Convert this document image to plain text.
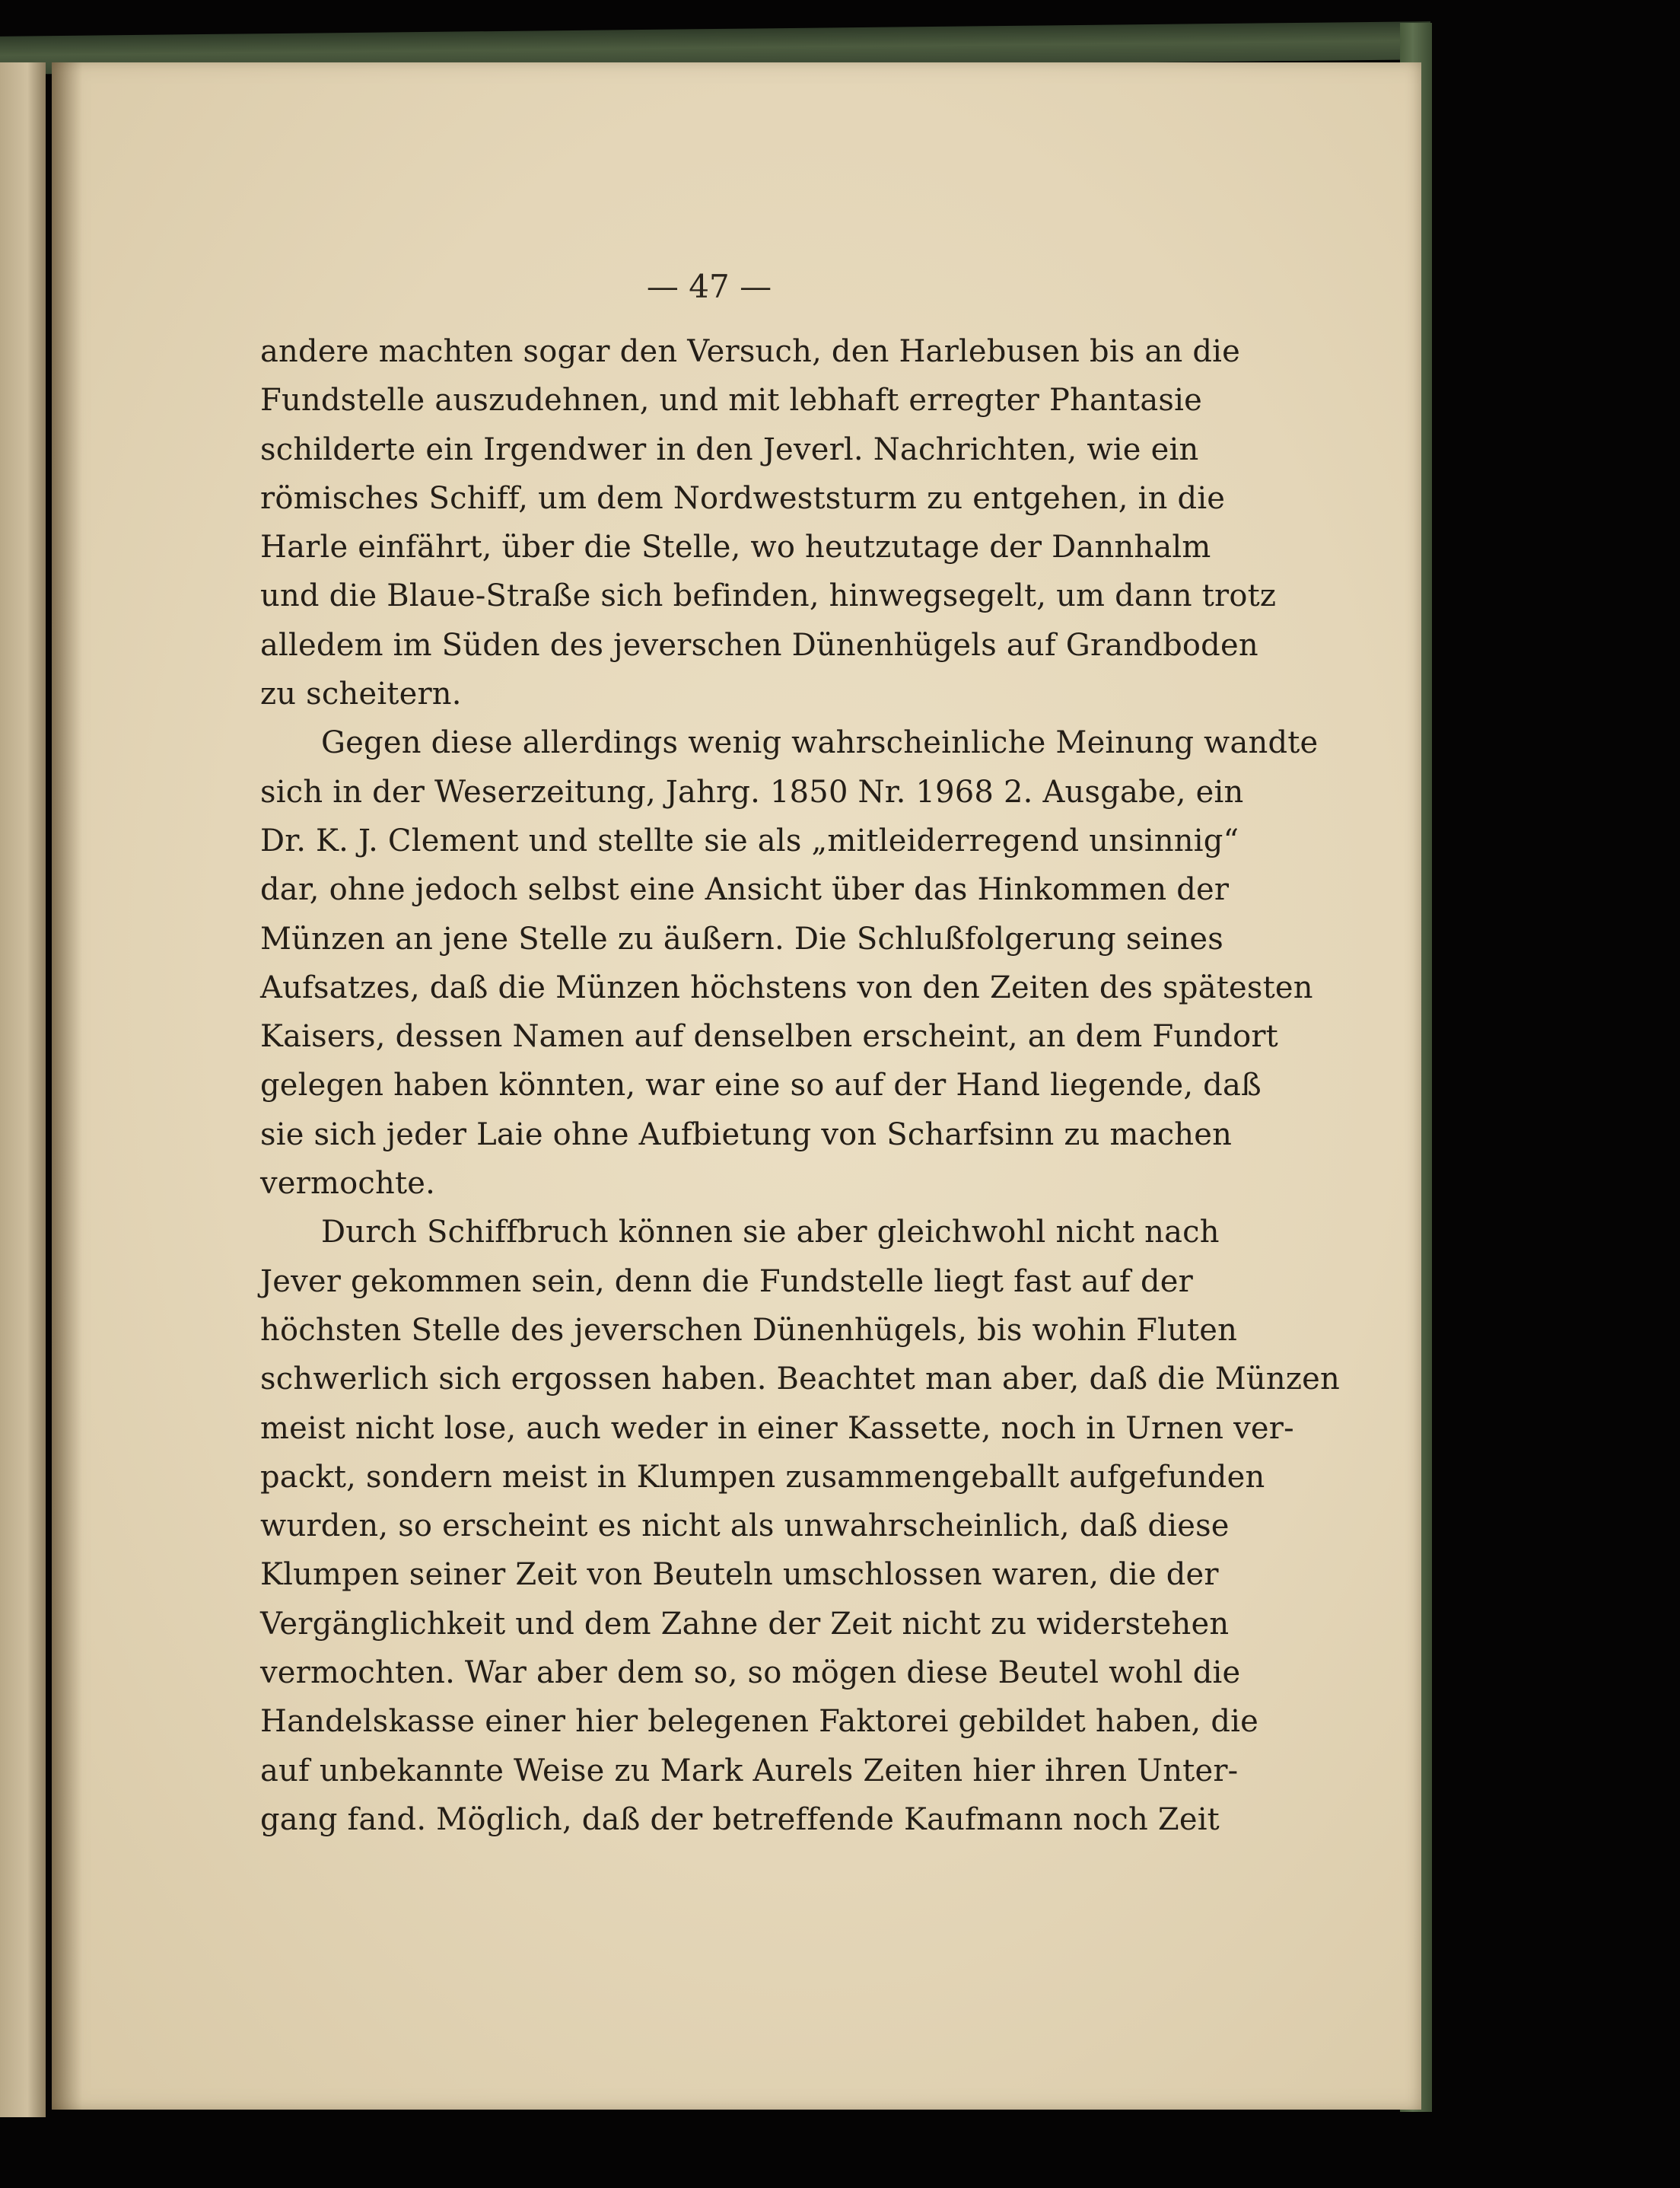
— 47 —
andere machten sogar den Versuch, den Harlebusen bis an die
Fundstelle auszudehnen, und mit lebhaft erregter Phantasie
schilderte ein Irgendwer in den Jeverl. Nachrichten, wie ein
römisches Schiff, um dem Nordweststurm zu entgehen, in die
Harle einfährt, über die Stelle, wo heutzutage der Dannhalm
und die Blaue-Straße sich befinden, hinwegsegelt, um dann trotz
alledem im Süden des jeverschen Dünenhügels auf Grandboden
zu scheitern.
Gegen diese allerdings wenig wahrscheinliche Meinung wandte
sich in der Weserzeitung, Jahrg. 1850 Nr. 1968 2. Ausgabe, ein
Dr. K. J. Clement und stellte sie als „mitleiderregend unsinnig“
dar, ohne jedoch selbst eine Ansicht über das Hinkommen der
Münzen an jene Stelle zu äußern. Die Schlußfolgerung seines
Aufsatzes, daß die Münzen höchstens von den Zeiten des spätesten
Kaisers, dessen Namen auf denselben erscheint, an dem Fundort
gelegen haben könnten, war eine so auf der Hand liegende, daß
sie sich jeder Laie ohne Aufbietung von Scharfsinn zu machen
vermochte.
Durch Schiffbruch können sie aber gleichwohl nicht nach
Jever gekommen sein, denn die Fundstelle liegt fast auf der
höchsten Stelle des jeverschen Dünenhügels, bis wohin Fluten
schwerlich sich ergossen haben. Beachtet man aber, daß die Münzen
meist nicht lose, auch weder in einer Kassette, noch in Urnen ver-
packt, sondern meist in Klumpen zusammengeballt aufgefunden
wurden, so erscheint es nicht als unwahrscheinlich, daß diese
Klumpen seiner Zeit von Beuteln umschlossen waren, die der
Vergänglichkeit und dem Zahne der Zeit nicht zu widerstehen
vermochten. War aber dem so, so mögen diese Beutel wohl die
Handelskasse einer hier belegenen Faktorei gebildet haben, die
auf unbekannte Weise zu Mark Aurels Zeiten hier ihren Unter-
gang fand. Möglich, daß der betreffende Kaufmann noch Zeit
